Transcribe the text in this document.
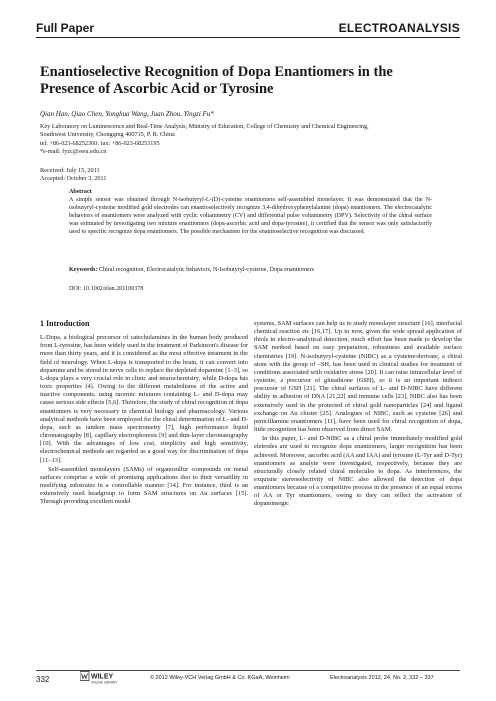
Full Paper	ELECTROANALYSIS
Enantioselective Recognition of Dopa Enantiomers in the Presence of Ascorbic Acid or Tyrosine
Qian Han, Qiao Chen, Yonghua Wang, Juan Zhou, Yingzi Fu*
Key Laboratory on Luminescence and Real-Time Analysis, Ministry of Education, College of Chemistry and Chemical Engineering,
Southwest University, Chongqing 400715, P. R. China
tel: +86-023-68252360; fax: +86-023-68253195
*e-mail: fyzc@swu.edu.cn
Received: July 15, 2011
Accepted: October 3, 2011
Abstract
A simple sensor was obtained through N-isobutyryl-L-(D)-cysteine enantiomers self-assembled monolayer. It was demonstrated that the N-isobutyryl-cysteine modified gold electrodes can enantioselectively recognize 3,4-dihydroxyphenylalanine (dopa) enantiomers. The electrocatalytic behaviors of enantiomers were analyzed with cyclic voltammetry (CV) and differential pulse voltammetry (DPV). Selectivity of the chiral surface was estimated by investigating two mixture enantiomers (dopa-ascorbic acid and dopa-tyrosine), it certified that the sensor was only satisfactorily used to specific recognize dopa enantiomers. The possible mechanism for the enantioselective recognition was discussed.
Keywords: Chiral recognition, Electrocatalytic behaviors, N-Isobutyryl-cysteine, Dopa enantiomers
DOI: 10.1002/elan.201100378
1 Introduction

L-Dopa, a biological precursor of catecholamines in the human body produced from L-tyrosine, has been widely used in the treatment of Parkinson's disease for more than thirty years, and it is considered as the most effective treatment in the field of neurology. When L-dopa is transported to the brain, it can convert into dopamine and be stored in nerve cells to replace the depleted dopamine [1–3], so L-dopa plays a very crucial role in clinic and neurochemistry, while D-dopa has toxic properties [4]. Owing to the different metabolisms of the active and inactive components, using racemic mixtures containing L- and D-dopa may cause serious side effects [5,6]. Therefore, the study of chiral recognition of dopa enantiomers is very necessary in chemical biology and pharmacology. Various analytical methods have been employed for the chiral determination of L- and D-dopa, such as tandem mass spectrometry [7], high performance liquid chromatography [8], capillary electrophoresis [9] and thin-layer chromatography [10]. With the advantages of low cost, simplicity and high sensitivity, electrochemical methods are regarded as a good way for discrimination of dopa [11–13].

Self-assembled monolayers (SAMs) of organosulfur compounds on metal surfaces comprise a wide of promising applications duo to their versatility in modifying substrates in a controllable manner [14]. For instance, thiol is an extensively used headgroup to form SAM structures on Au surfaces [15]. Through providing excellent model

systems, SAM surfaces can help us to study monolayer structure [16], interfacial chemical reaction etc [16,17]. Up to now, given the wide spread application of thiols in electro-analytical detection, much effort has been made to develop the SAM method based on easy preparation, robustness and available surface chemistries [19]. N-isobutyryl-cysteine (NIBC) as a cysteine-derivate, a chiral atom with the group of –SH, has been used in clinical studies for treatment of conditions associated with oxidative stress [20]. It can raise intracellular level of cysteine, a precursor of glutathione (GSH), so it is an important indirect precursor of GSH [21]. The chiral surfaces of L- and D-NIBC have different ability in adhesion of DNA [21,22] and immune cells [23], NIBC also has been extensively used in the protected of chiral gold nanoparticles [24] and ligand exchange on Au cluster [25]. Analogues of NIBC, such as cysteine [26] and penicillamine enantiomers [11], have been used for chiral recognition of dopa, little recognition has been observed from direct SAM.

In this paper, L- and D-NIBC as a chiral probe immediately modified gold eletrodes are used to recognize dopa enantiomers, larger recognition has been achieved. Moreover, ascorbic acid (AA and IAA) and tyrosine (L-Tyr and D-Tyr) enantiomers as analyte were investigated, respectively, because they are structurally closely related chiral molecules to dopa. As interferences, the exquisite stereoselectivity of NIBC also allowed the detection of dopa enantiomers because of a competitive process in the presence of an equal excess of AA or Tyr enantiomers, owing to they can reflect the activation of dopaminergic

332	WILEY
ONLINE LIBRARY
© 2012 Wiley-VCH Verlag GmbH & Co. KGaA, Weinheim	Electroanalysis 2012, 24, No. 2, 332 – 337
